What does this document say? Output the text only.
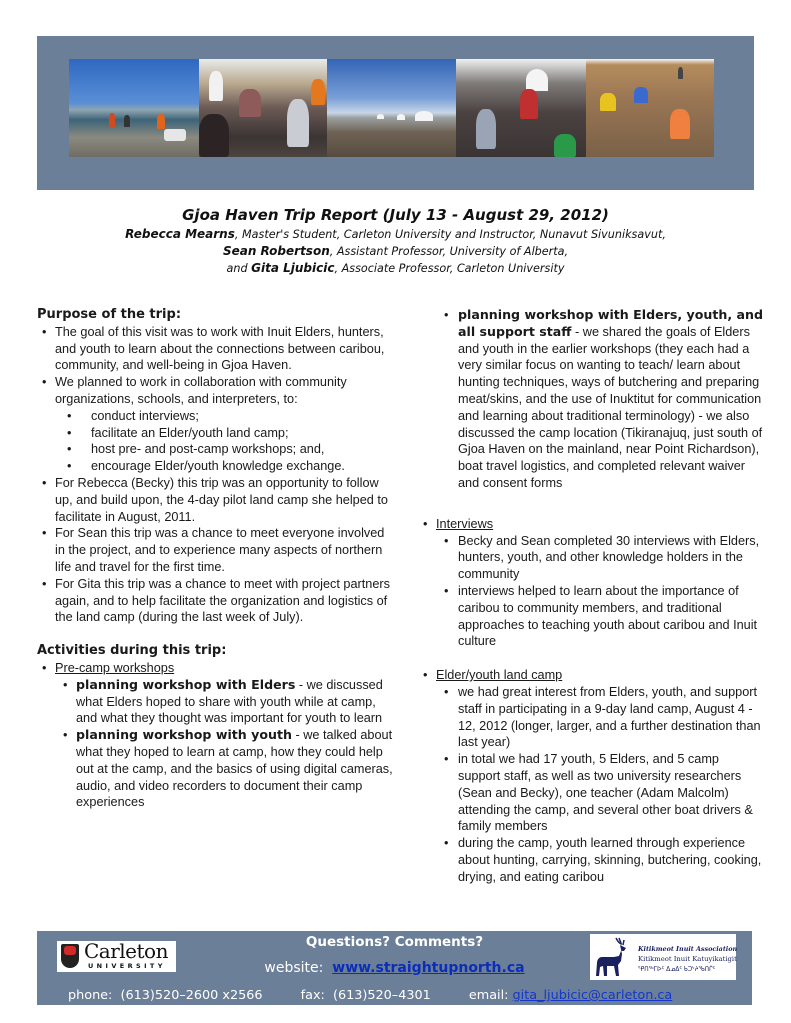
Gjoa Haven Trip Report (July 13 - August 29, 2012)

Rebecca Mearns, Master's Student, Carleton University and Instructor, Nunavut Sivuniksavut,
Sean Robertson, Assistant Professor, University of Alberta,
and Gita Ljubicic, Associate Professor, Carleton University

Purpose of the trip:

• The goal of this visit was to work with Inuit Elders, hunters, and youth to learn about the connections between caribou, community, and well-being in Gjoa Haven.

• We planned to work in collaboration with community organizations, schools, and interpreters, to:

• conduct interviews;

• facilitate an Elder/youth land camp;

• host pre- and post-camp workshops; and,

• encourage Elder/youth knowledge exchange.

• For Rebecca (Becky) this trip was an opportunity to follow up, and build upon, the 4-day pilot land camp she helped to facilitate in August, 2011.

• For Sean this trip was a chance to meet everyone involved in the project, and to experience many aspects of northern life and travel for the first time.

• For Gita this trip was a chance to meet with project partners again, and to help facilitate the organization and logistics of the land camp (during the last week of July).

Activities during this trip:

• Pre-camp workshops

• planning workshop with Elders - we discussed what Elders hoped to share with youth while at camp, and what they thought was important for youth to learn

• planning workshop with youth - we talked about what they hoped to learn at camp, how they could help out at the camp, and the basics of using digital cameras, audio, and video recorders to document their camp experiences

• planning workshop with Elders, youth, and all support staff - we shared the goals of Elders and youth in the earlier workshops (they each had a very similar focus on wanting to teach/ learn about hunting techniques, ways of butchering and preparing meat/skins, and the use of Inuktitut for communication and learning about traditional terminology) - we also discussed the camp location (Tikiranajuq, just south of Gjoa Haven on the mainland, near Point Richardson), boat travel logistics, and completed relevant waiver and consent forms

• Interviews

• Becky and Sean completed 30 interviews with Elders, hunters, youth, and other knowledge holders in the community

• interviews helped to learn about the importance of caribou to community members, and traditional approaches to teaching youth about caribou and Inuit culture

• Elder/youth land camp

• we had great interest from Elders, youth, and support staff in participating in a 9-day land camp, August 4 - 12, 2012 (longer, larger, and a further destination than last year)

• in total we had 17 youth, 5 Elders, and 5 camp support staff, as well as two university researchers (Sean and Becky), one teacher (Adam Malcolm) attending the camp, and several other boat drivers & family members

• during the camp, youth learned through experience about hunting, carrying, skinning, butchering, cooking, drying, and eating caribou

Carleton
UNIVERSITY
Questions? Comments?
website: www.straightupnorth.ca
phone: (613)520–2600 x2566	fax: (613)520–4301	email: gita_ljubicic@carleton.ca
Kitikmeot Inuit Association
Kitikmeot Inuit Katuyikatigit
ᕿᑎᖅᒥᐅᑦ ᐃᓄᐃᑦ ᑲᑐᔾᔨᖃᑎᒌᑦ
